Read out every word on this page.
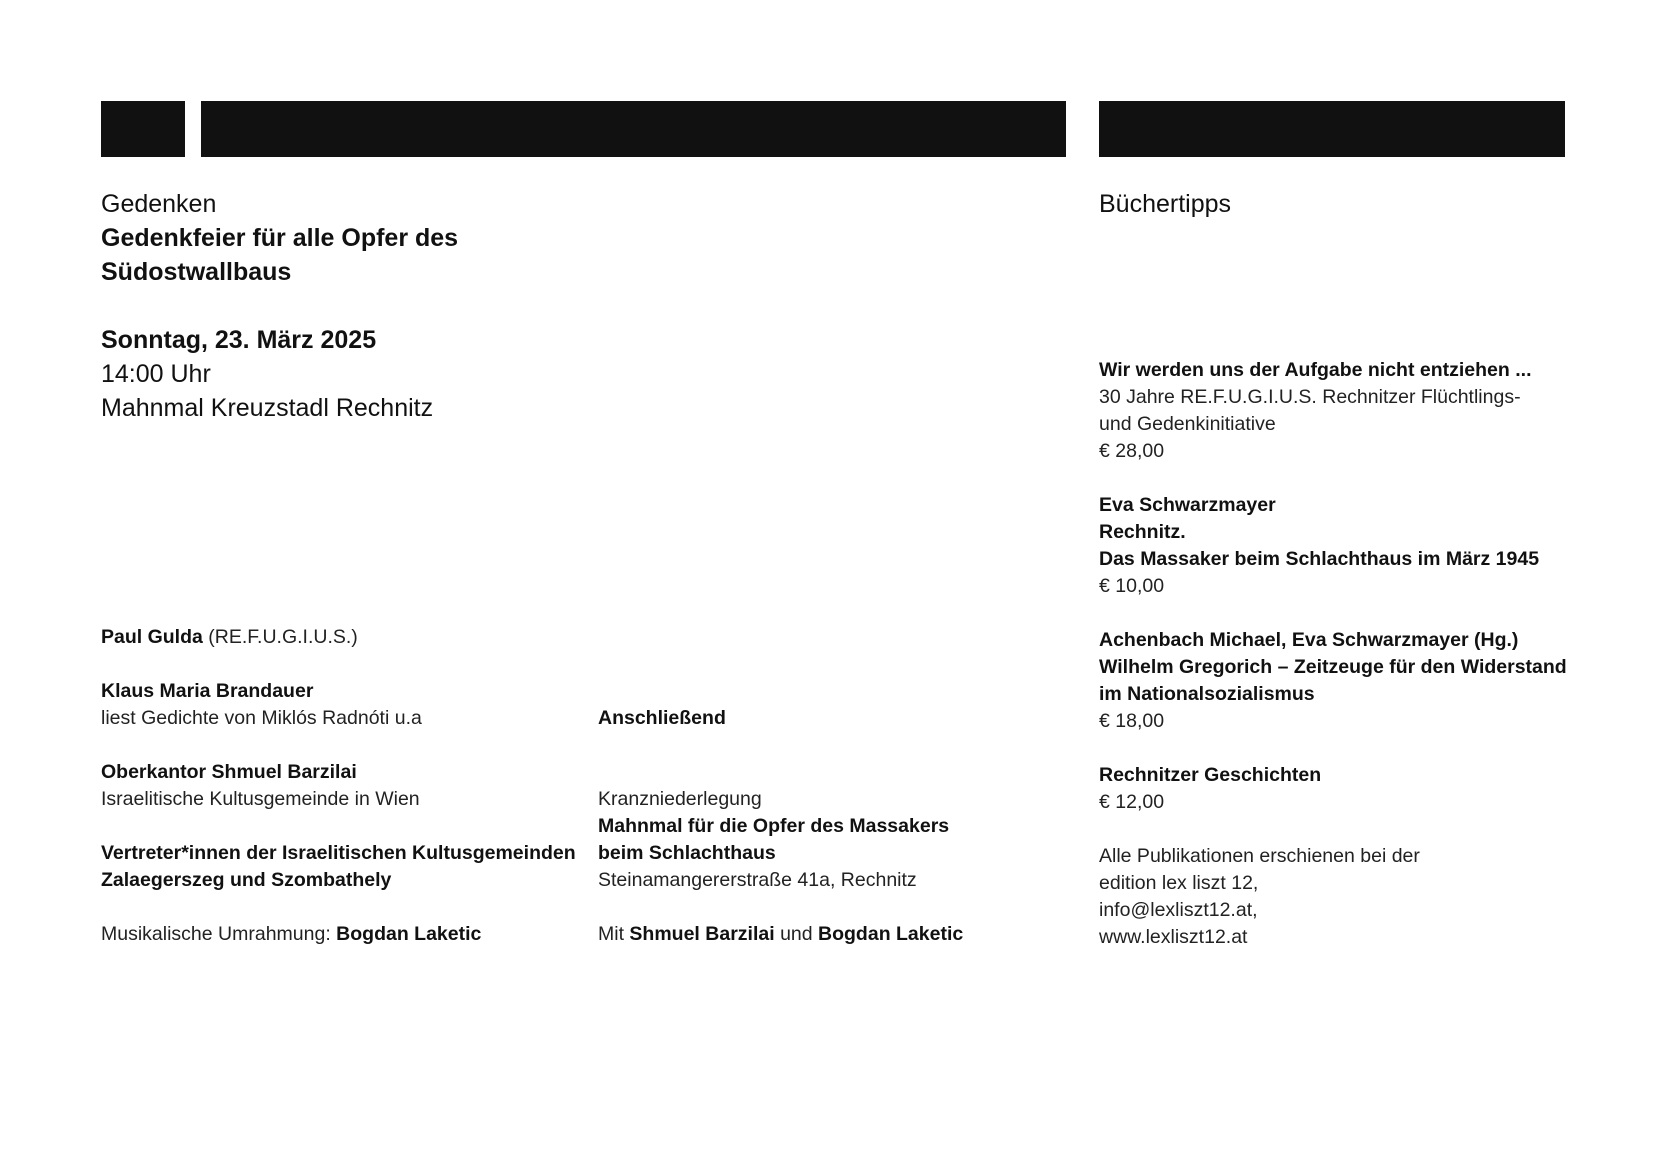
Gedenken
Gedenkfeier für alle Opfer des
Südostwallbaus
Sonntag, 23. März 2025
14:00 Uhr
Mahnmal Kreuzstadl Rechnitz
Büchertipps
Paul Gulda (RE.F.U.G.I.U.S.)
Klaus Maria Brandauer
liest Gedichte von Miklós Radnóti u.a
Oberkantor Shmuel Barzilai
Israelitische Kultusgemeinde in Wien
Vertreter*innen der Israelitischen Kultusgemeinden
Zalaegerszeg und Szombathely
Musikalische Umrahmung: Bogdan Laketic
Anschließend
Kranzniederlegung
Mahnmal für die Opfer des Massakers
beim Schlachthaus
Steinamangererstraße 41a, Rechnitz
Mit Shmuel Barzilai und Bogdan Laketic
Wir werden uns der Aufgabe nicht entziehen ...
30 Jahre RE.F.U.G.I.U.S. Rechnitzer Flüchtlings-
und Gedenkinitiative
€ 28,00
Eva Schwarzmayer
Rechnitz.
Das Massaker beim Schlachthaus im März 1945
€ 10,00
Achenbach Michael, Eva Schwarzmayer (Hg.)
Wilhelm Gregorich – Zeitzeuge für den Widerstand
im Nationalsozialismus
€ 18,00
Rechnitzer Geschichten
€ 12,00
Alle Publikationen erschienen bei der
edition lex liszt 12,
info@lexliszt12.at,
www.lexliszt12.at
